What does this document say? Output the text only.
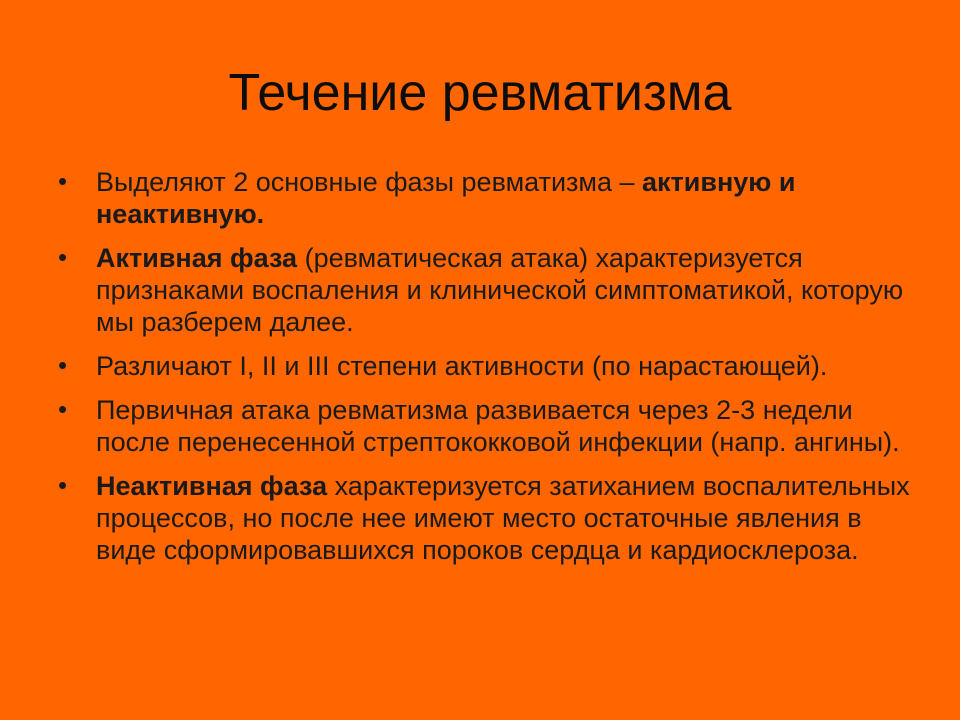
Течение ревматизма
• Выделяют 2 основные фазы ревматизма – активную и неактивную.
• Активная фаза (ревматическая атака) характеризуется признаками воспаления и клинической симптоматикой, которую мы разберем далее.
• Различают I, II и III степени активности (по нарастающей).
• Первичная атака ревматизма развивается через 2-3 недели после перенесенной стрептококковой инфекции (напр. ангины).
• Неактивная фаза характеризуется затиханием воспалительных процессов, но после нее имеют место остаточные явления в виде сформировавшихся пороков сердца и кардиосклероза.
